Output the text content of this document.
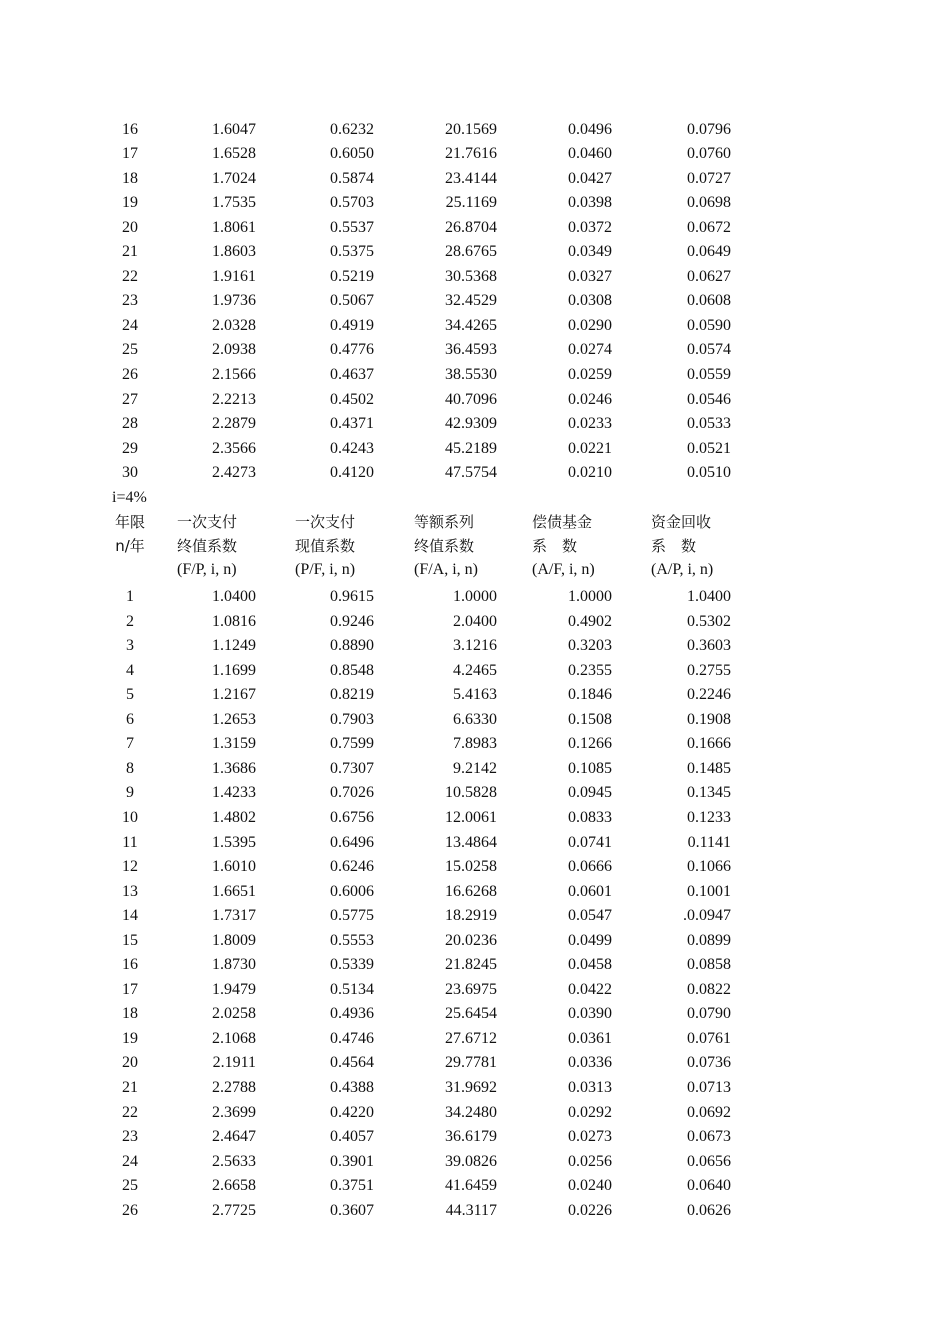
16	1.6047	0.6232	20.1569	0.0496	0.0796
17	1.6528	0.6050	21.7616	0.0460	0.0760
18	1.7024	0.5874	23.4144	0.0427	0.0727
19	1.7535	0.5703	25.1169	0.0398	0.0698
20	1.8061	0.5537	26.8704	0.0372	0.0672
21	1.8603	0.5375	28.6765	0.0349	0.0649
22	1.9161	0.5219	30.5368	0.0327	0.0627
23	1.9736	0.5067	32.4529	0.0308	0.0608
24	2.0328	0.4919	34.4265	0.0290	0.0590
25	2.0938	0.4776	36.4593	0.0274	0.0574
26	2.1566	0.4637	38.5530	0.0259	0.0559
27	2.2213	0.4502	40.7096	0.0246	0.0546
28	2.2879	0.4371	42.9309	0.0233	0.0533
29	2.3566	0.4243	45.2189	0.0221	0.0521
30	2.4273	0.4120	47.5754	0.0210	0.0510
i=4%
年限	一次支付	一次支付	等额系列	偿债基金	资金回收
n/年	终值系数	现值系数	终值系数	系　数	系　数
(F/P, i, n)	(P/F, i, n)	(F/A, i, n)	(A/F, i, n)	(A/P, i, n)
1	1.0400	0.9615	1.0000	1.0000	1.0400
2	1.0816	0.9246	2.0400	0.4902	0.5302
3	1.1249	0.8890	3.1216	0.3203	0.3603
4	1.1699	0.8548	4.2465	0.2355	0.2755
5	1.2167	0.8219	5.4163	0.1846	0.2246
6	1.2653	0.7903	6.6330	0.1508	0.1908
7	1.3159	0.7599	7.8983	0.1266	0.1666
8	1.3686	0.7307	9.2142	0.1085	0.1485
9	1.4233	0.7026	10.5828	0.0945	0.1345
10	1.4802	0.6756	12.0061	0.0833	0.1233
11	1.5395	0.6496	13.4864	0.0741	0.1141
12	1.6010	0.6246	15.0258	0.0666	0.1066
13	1.6651	0.6006	16.6268	0.0601	0.1001
14	1.7317	0.5775	18.2919	0.0547	.0.0947
15	1.8009	0.5553	20.0236	0.0499	0.0899
16	1.8730	0.5339	21.8245	0.0458	0.0858
17	1.9479	0.5134	23.6975	0.0422	0.0822
18	2.0258	0.4936	25.6454	0.0390	0.0790
19	2.1068	0.4746	27.6712	0.0361	0.0761
20	2.1911	0.4564	29.7781	0.0336	0.0736
21	2.2788	0.4388	31.9692	0.0313	0.0713
22	2.3699	0.4220	34.2480	0.0292	0.0692
23	2.4647	0.4057	36.6179	0.0273	0.0673
24	2.5633	0.3901	39.0826	0.0256	0.0656
25	2.6658	0.3751	41.6459	0.0240	0.0640
26	2.7725	0.3607	44.3117	0.0226	0.0626
